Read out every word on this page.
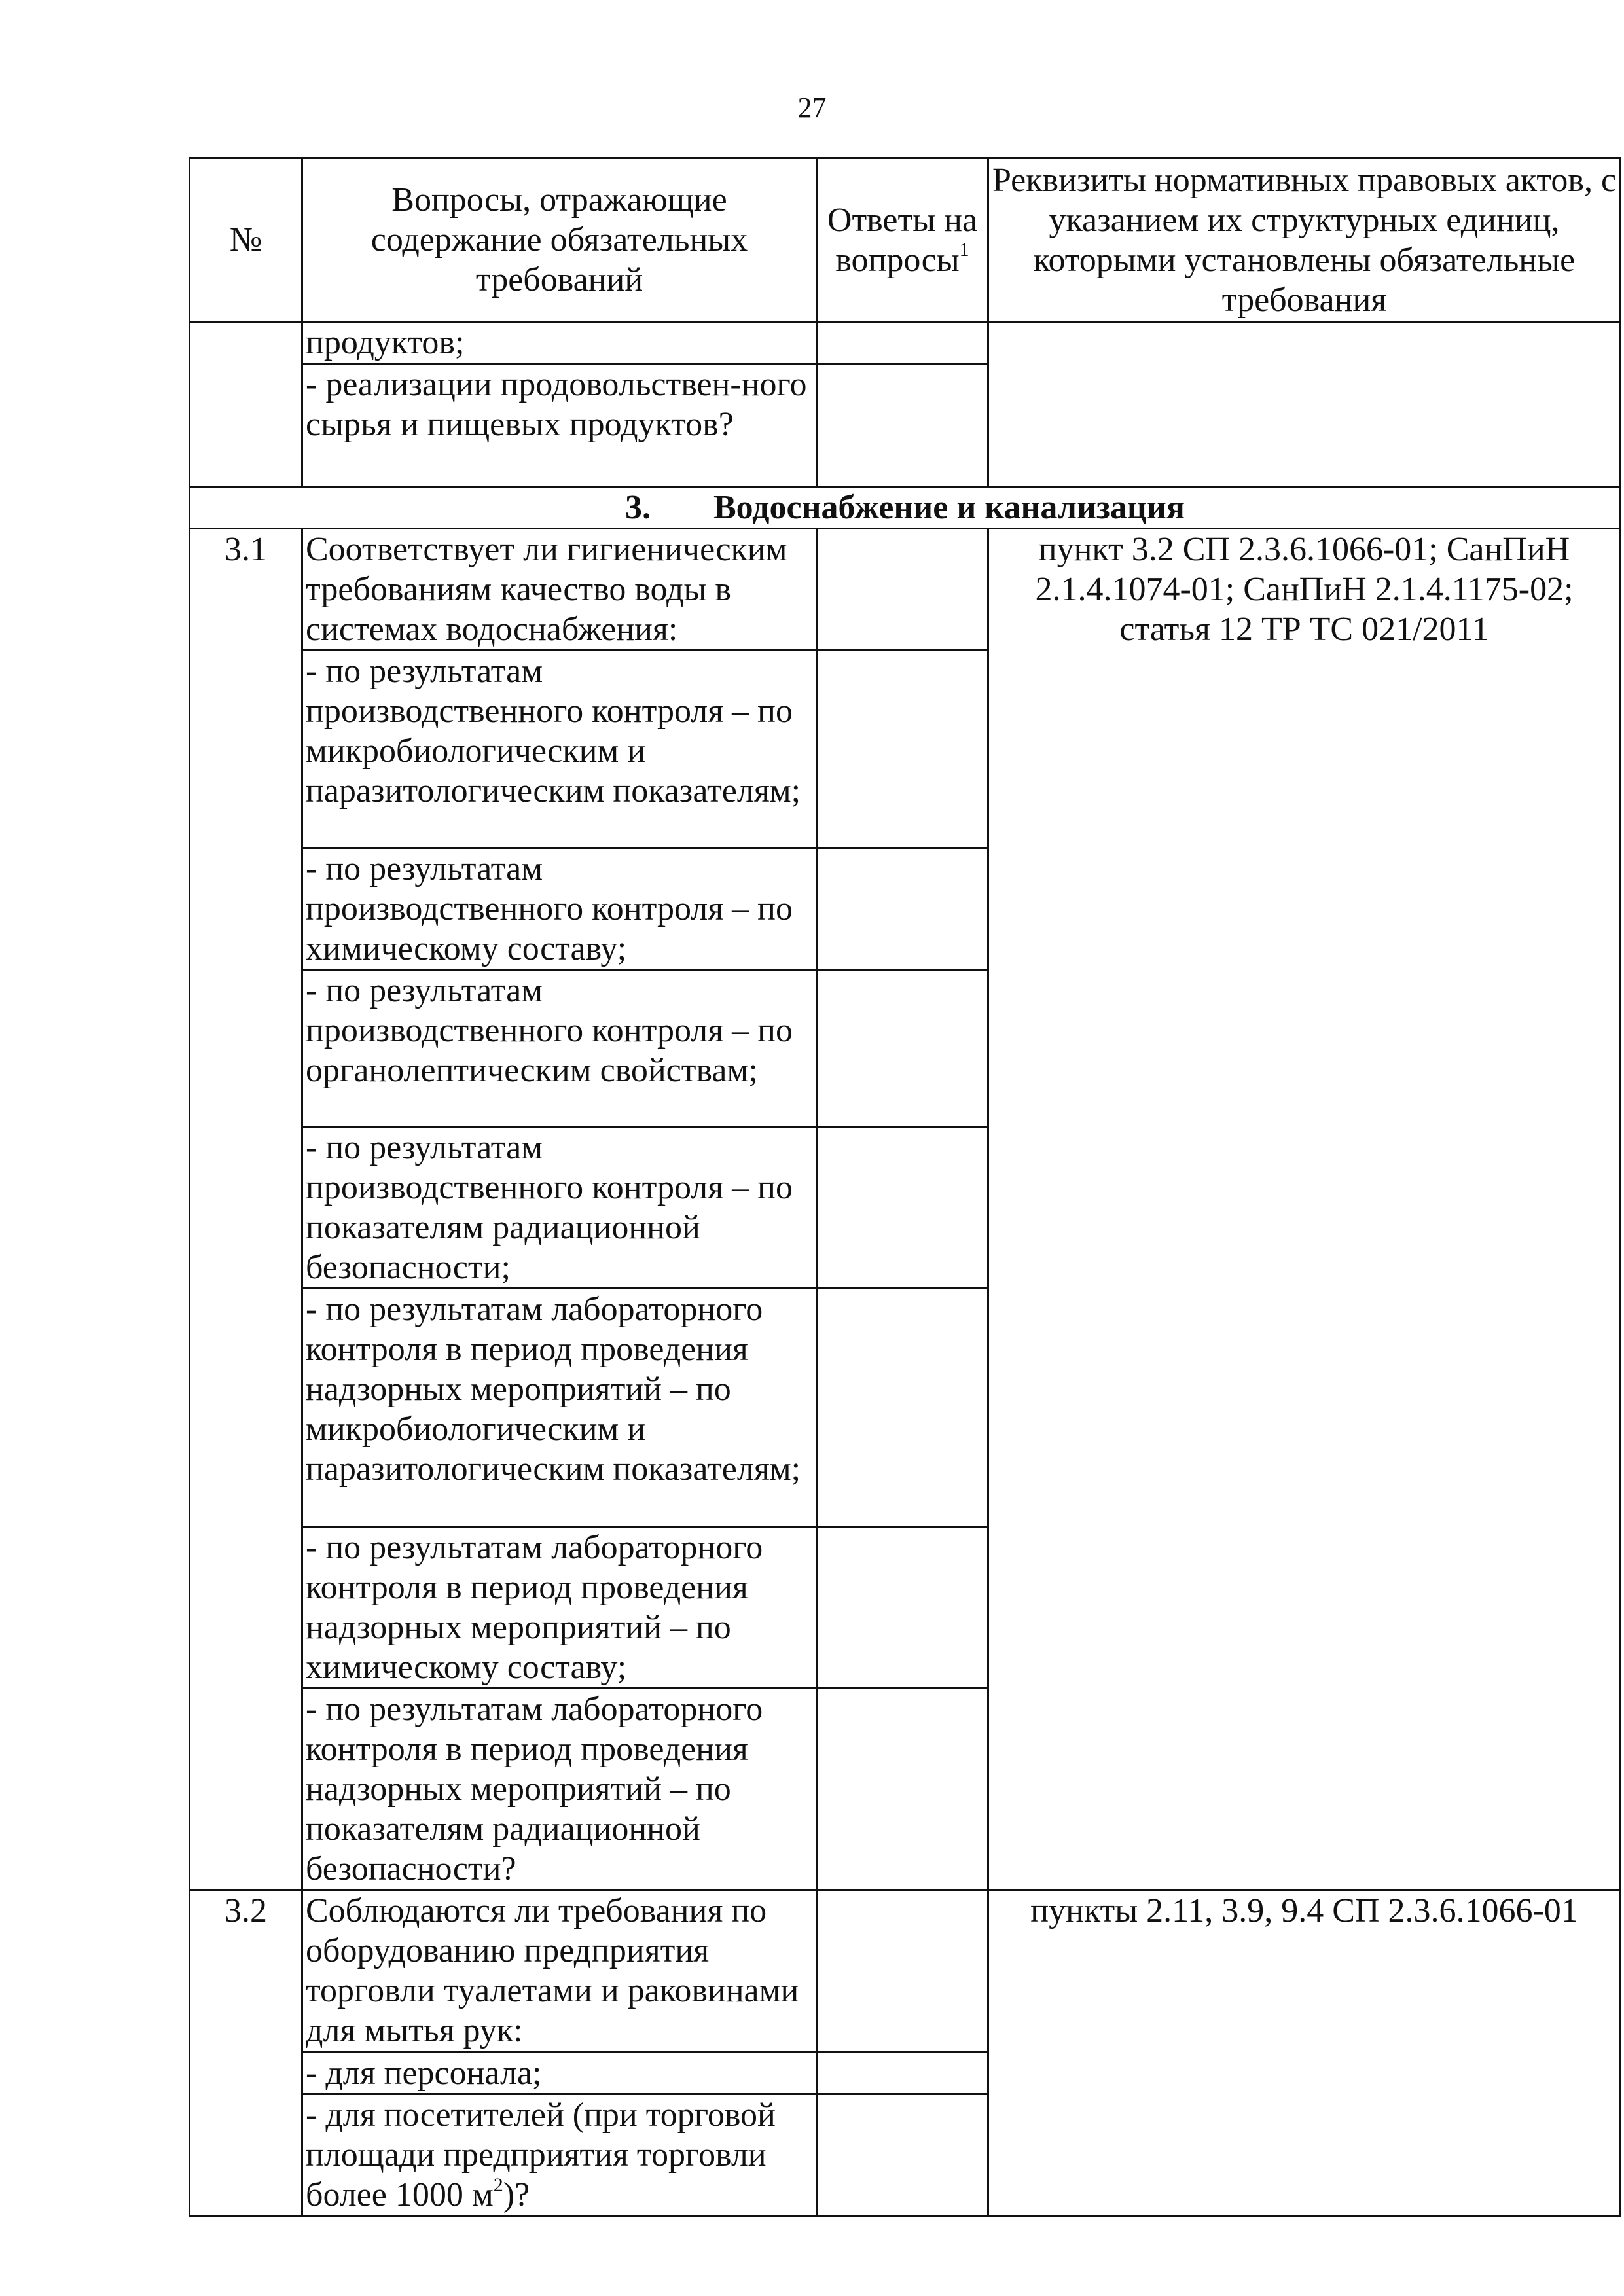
27
№	Вопросы, отражающие содержание обязательных требований	Ответы на вопросы$^1$	Реквизиты нормативных правовых актов, с указанием их структурных единиц, которыми установлены обязательные требования
	продуктов;		
	- реализации продовольствен-ного сырья и пищевых продуктов?		
3. Водоснабжение и канализация			
3.1	Соответствует ли гигиеническим требованиям качество воды в системах водоснабжения:		пункт 3.2 СП 2.3.6.1066-01; СанПиН 2.1.4.1074-01; СанПиН 2.1.4.1175-02; статья 12 ТР ТС 021/2011
	- по результатам производственного контроля – по микробиологическим и паразитологическим показателям;		
	- по результатам производственного контроля – по химическому составу;		
	- по результатам производственного контроля – по органолептическим свойствам;		
	- по результатам производственного контроля – по показателям радиационной безопасности;		
	- по результатам лабораторного контроля в период проведения надзорных мероприятий – по микробиологическим и паразитологическим показателям;		
	- по результатам лабораторного контроля в период проведения надзорных мероприятий – по химическому составу;		
	- по результатам лабораторного контроля в период проведения надзорных мероприятий – по показателям радиационной безопасности?		
3.2	Соблюдаются ли требования по оборудованию предприятия торговли туалетами и раковинами для мытья рук:		пункты 2.11, 3.9, 9.4 СП 2.3.6.1066-01
	- для персонала;		
	- для посетителей (при торговой площади предприятия торговли более 1000 $м^2$)?		
